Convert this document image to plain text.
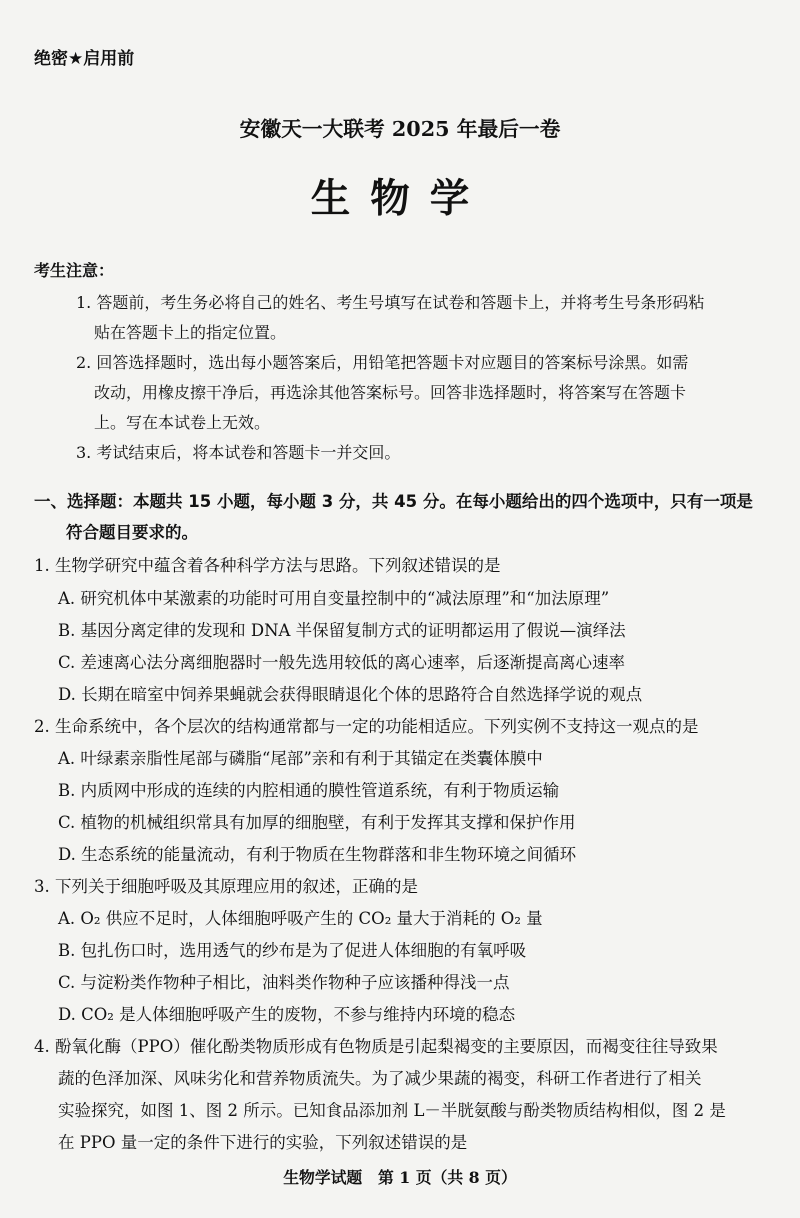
绝密★启用前
安徽天一大联考 2025 年最后一卷
生物学
考生注意：
1. 答题前，考生务必将自己的姓名、考生号填写在试卷和答题卡上，并将考生号条形码粘
贴在答题卡上的指定位置。
2. 回答选择题时，选出每小题答案后，用铅笔把答题卡对应题目的答案标号涂黑。如需
改动，用橡皮擦干净后，再选涂其他答案标号。回答非选择题时，将答案写在答题卡
上。写在本试卷上无效。
3. 考试结束后，将本试卷和答题卡一并交回。
一、选择题：本题共 15 小题，每小题 3 分，共 45 分。在每小题给出的四个选项中，只有一项是
符合题目要求的。
1. 生物学研究中蕴含着各种科学方法与思路。下列叙述错误的是
A. 研究机体中某激素的功能时可用自变量控制中的“减法原理”和“加法原理”
B. 基因分离定律的发现和 DNA 半保留复制方式的证明都运用了假说—演绎法
C. 差速离心法分离细胞器时一般先选用较低的离心速率，后逐渐提高离心速率
D. 长期在暗室中饲养果蝇就会获得眼睛退化个体的思路符合自然选择学说的观点
2. 生命系统中，各个层次的结构通常都与一定的功能相适应。下列实例不支持这一观点的是
A. 叶绿素亲脂性尾部与磷脂“尾部”亲和有利于其锚定在类囊体膜中
B. 内质网中形成的连续的内腔相通的膜性管道系统，有利于物质运输
C. 植物的机械组织常具有加厚的细胞壁，有利于发挥其支撑和保护作用
D. 生态系统的能量流动，有利于物质在生物群落和非生物环境之间循环
3. 下列关于细胞呼吸及其原理应用的叙述，正确的是
A. O₂ 供应不足时，人体细胞呼吸产生的 CO₂ 量大于消耗的 O₂ 量
B. 包扎伤口时，选用透气的纱布是为了促进人体细胞的有氧呼吸
C. 与淀粉类作物种子相比，油料类作物种子应该播种得浅一点
D. CO₂ 是人体细胞呼吸产生的废物，不参与维持内环境的稳态
4. 酚氧化酶（PPO）催化酚类物质形成有色物质是引起梨褐变的主要原因，而褐变往往导致果
蔬的色泽加深、风味劣化和营养物质流失。为了减少果蔬的褐变，科研工作者进行了相关
实验探究，如图 1、图 2 所示。已知食品添加剂 L－半胱氨酸与酚类物质结构相似，图 2 是
在 PPO 量一定的条件下进行的实验，下列叙述错误的是
生物学试题　第 1 页（共 8 页）
